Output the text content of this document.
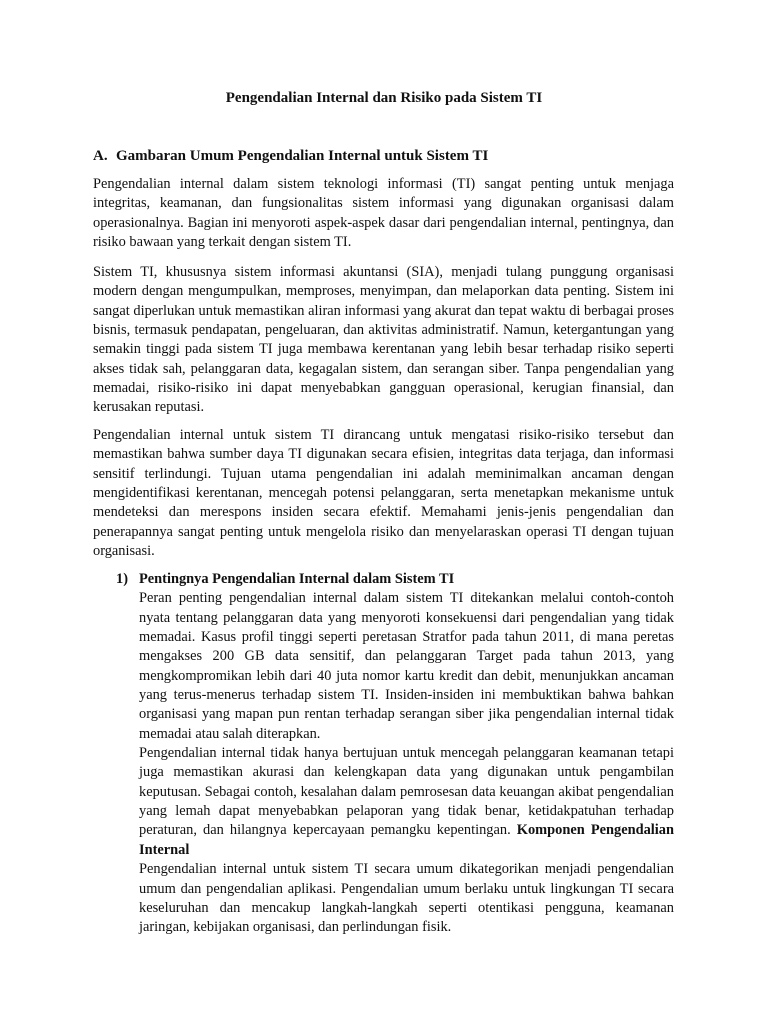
Pengendalian Internal dan Risiko pada Sistem TI
A. Gambaran Umum Pengendalian Internal untuk Sistem TI

Pengendalian internal dalam sistem teknologi informasi (TI) sangat penting untuk menjaga integritas, keamanan, dan fungsionalitas sistem informasi yang digunakan organisasi dalam operasionalnya. Bagian ini menyoroti aspek-aspek dasar dari pengendalian internal, pentingnya, dan risiko bawaan yang terkait dengan sistem TI.

Sistem TI, khususnya sistem informasi akuntansi (SIA), menjadi tulang punggung organisasi modern dengan mengumpulkan, memproses, menyimpan, dan melaporkan data penting. Sistem ini sangat diperlukan untuk memastikan aliran informasi yang akurat dan tepat waktu di berbagai proses bisnis, termasuk pendapatan, pengeluaran, dan aktivitas administratif. Namun, ketergantungan yang semakin tinggi pada sistem TI juga membawa kerentanan yang lebih besar terhadap risiko seperti akses tidak sah, pelanggaran data, kegagalan sistem, dan serangan siber. Tanpa pengendalian yang memadai, risiko-risiko ini dapat menyebabkan gangguan operasional, kerugian finansial, dan kerusakan reputasi.

Pengendalian internal untuk sistem TI dirancang untuk mengatasi risiko-risiko tersebut dan memastikan bahwa sumber daya TI digunakan secara efisien, integritas data terjaga, dan informasi sensitif terlindungi. Tujuan utama pengendalian ini adalah meminimalkan ancaman dengan mengidentifikasi kerentanan, mencegah potensi pelanggaran, serta menetapkan mekanisme untuk mendeteksi dan merespons insiden secara efektif. Memahami jenis-jenis pengendalian dan penerapannya sangat penting untuk mengelola risiko dan menyelaraskan operasi TI dengan tujuan organisasi.

1) Pentingnya Pengendalian Internal dalam Sistem TI

Peran penting pengendalian internal dalam sistem TI ditekankan melalui contoh-contoh nyata tentang pelanggaran data yang menyoroti konsekuensi dari pengendalian yang tidak memadai. Kasus profil tinggi seperti peretasan Stratfor pada tahun 2011, di mana peretas mengakses 200 GB data sensitif, dan pelanggaran Target pada tahun 2013, yang mengkompromikan lebih dari 40 juta nomor kartu kredit dan debit, menunjukkan ancaman yang terus-menerus terhadap sistem TI. Insiden-insiden ini membuktikan bahwa bahkan organisasi yang mapan pun rentan terhadap serangan siber jika pengendalian internal tidak memadai atau salah diterapkan.

Pengendalian internal tidak hanya bertujuan untuk mencegah pelanggaran keamanan tetapi juga memastikan akurasi dan kelengkapan data yang digunakan untuk pengambilan keputusan. Sebagai contoh, kesalahan dalam pemrosesan data keuangan akibat pengendalian yang lemah dapat menyebabkan pelaporan yang tidak benar, ketidakpatuhan terhadap peraturan, dan hilangnya kepercayaan pemangku kepentingan. Komponen Pengendalian Internal

Pengendalian internal untuk sistem TI secara umum dikategorikan menjadi pengendalian umum dan pengendalian aplikasi. Pengendalian umum berlaku untuk lingkungan TI secara keseluruhan dan mencakup langkah-langkah seperti otentikasi pengguna, keamanan jaringan, kebijakan organisasi, dan perlindungan fisik.
